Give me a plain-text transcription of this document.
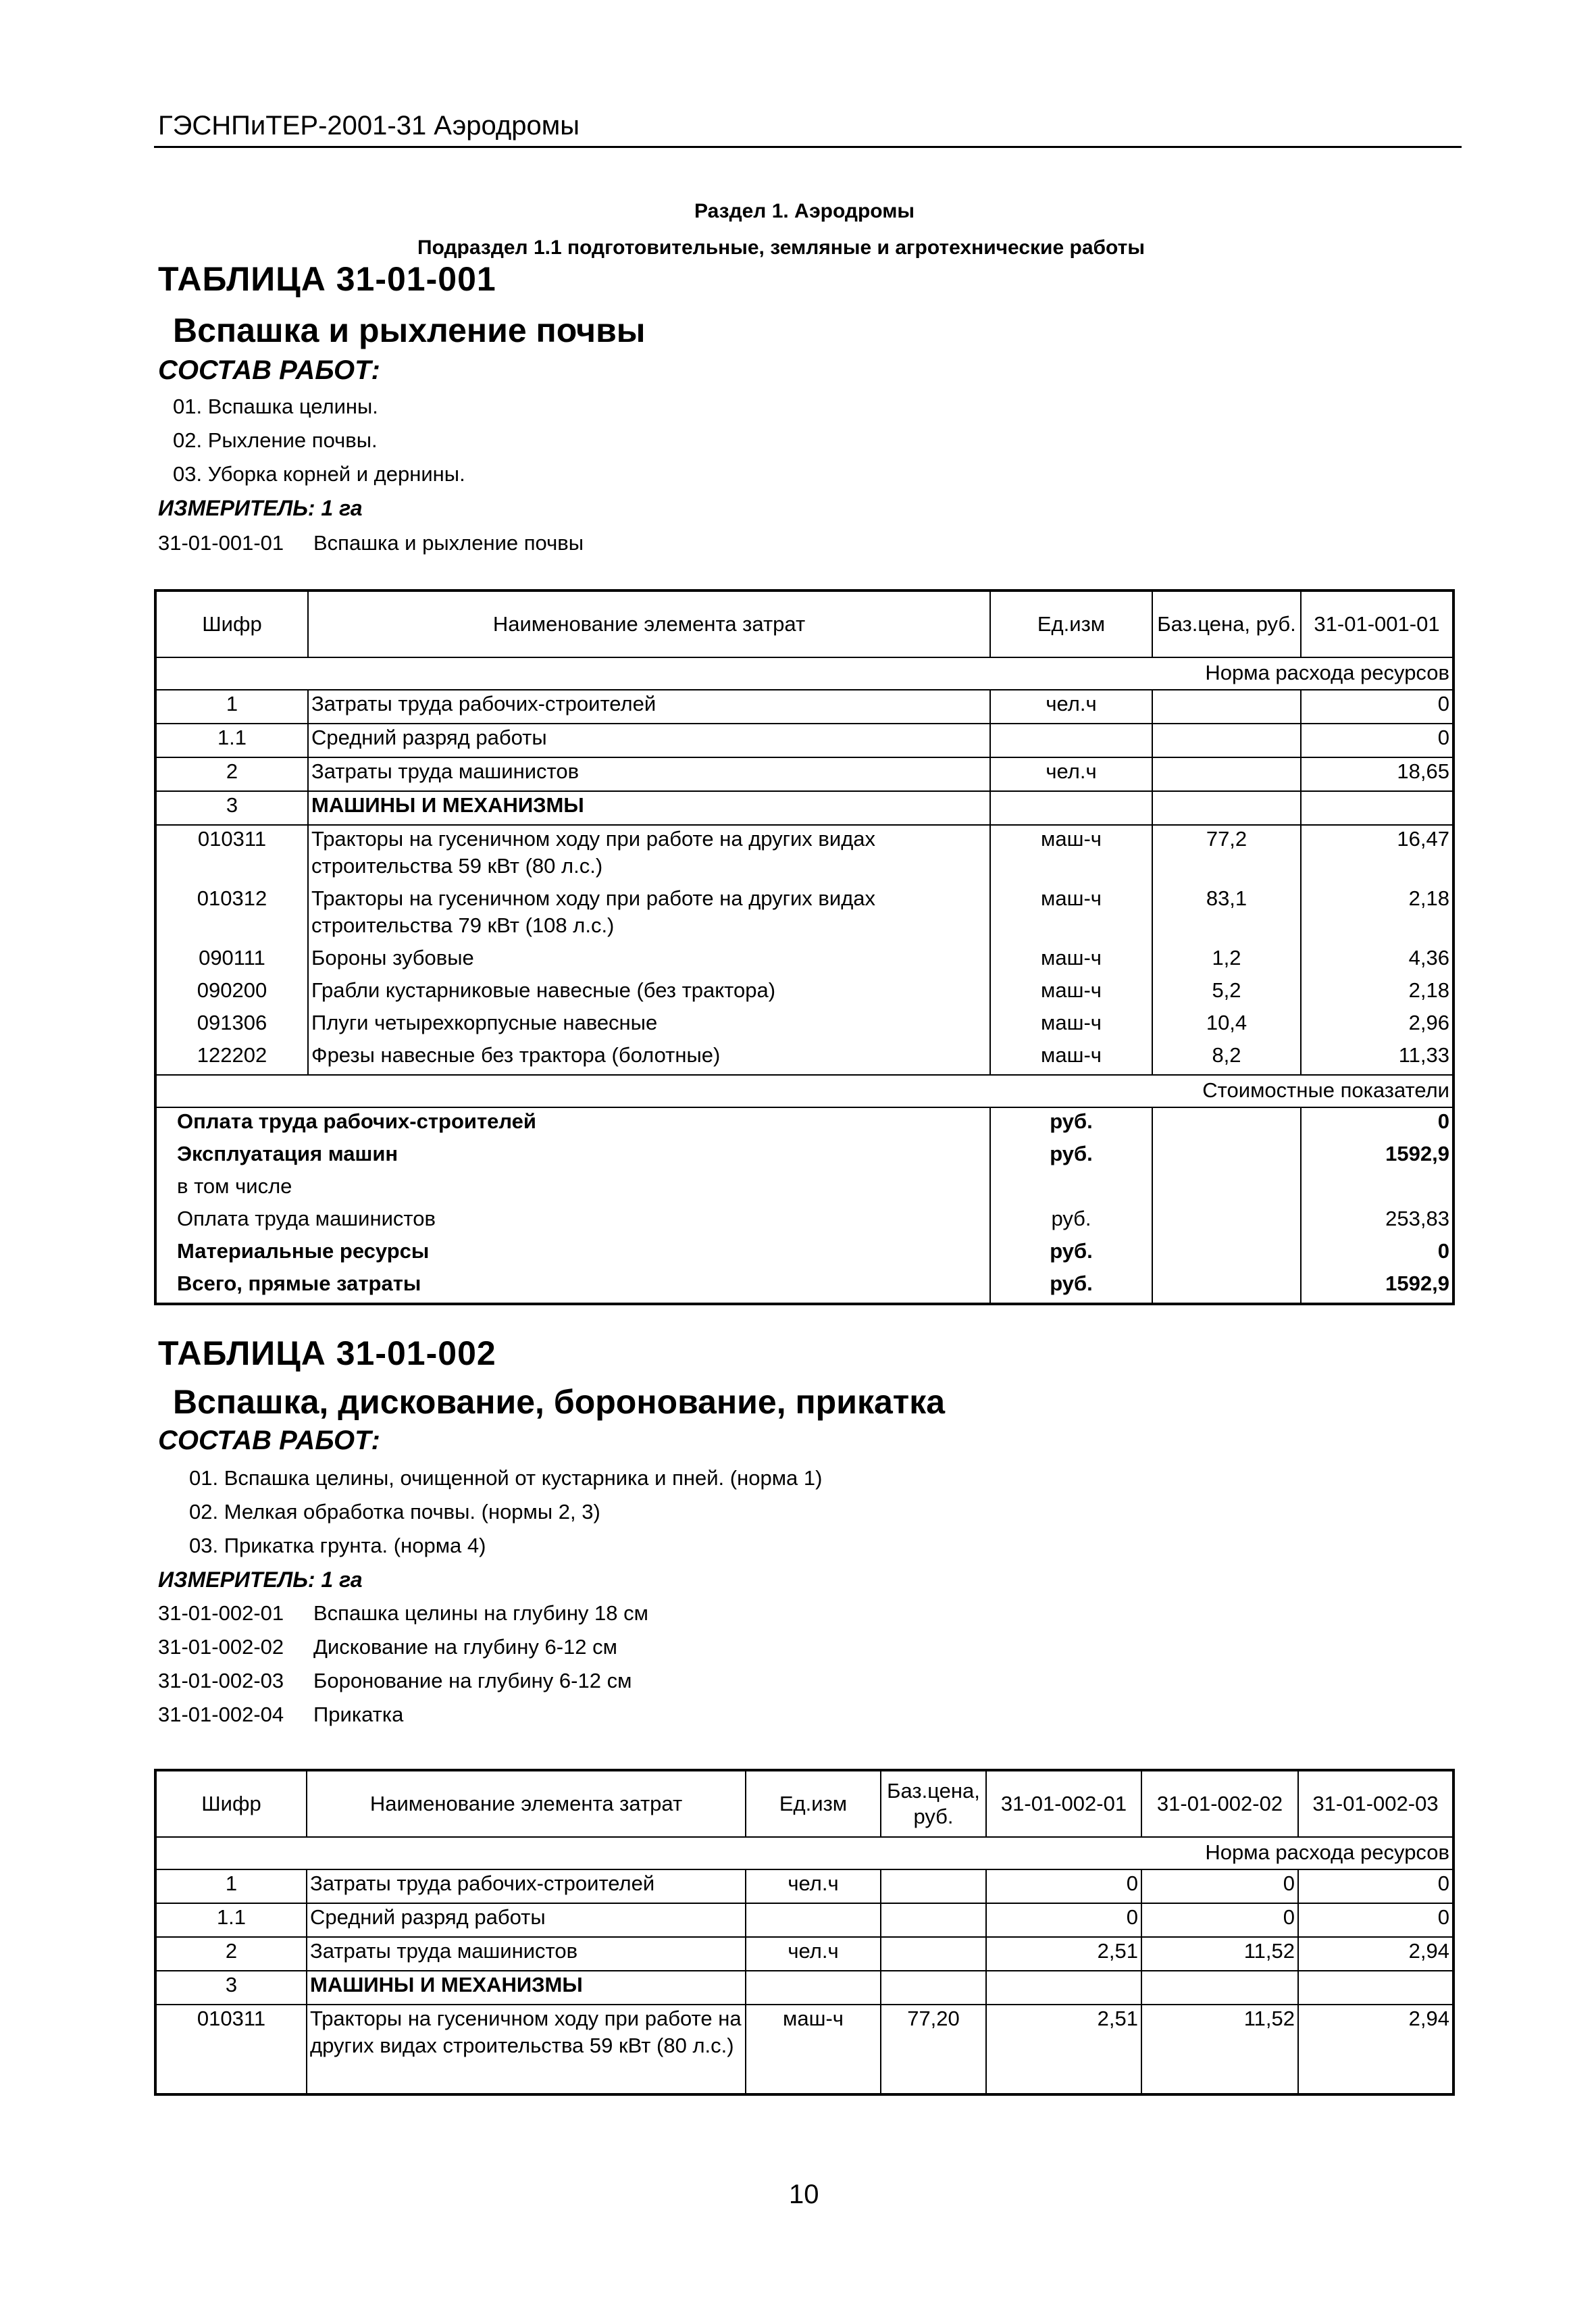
ГЭСНПиТЕР-2001-31 Аэродромы
Раздел 1. Аэродромы
Подраздел 1.1 подготовительные, земляные и агротехнические работы
ТАБЛИЦА 31-01-001
Вспашка и рыхление почвы
СОСТАВ РАБОТ:
01. Вспашка целины.
02. Рыхление почвы.
03. Уборка корней и дернины.
ИЗМЕРИТЕЛЬ: 1 га
31-01-001-01	Вспашка и рыхление почвы
Шифр	Наименование элемента затрат	Ед.изм	Баз.цена, руб.	31-01-001-01
Норма расхода ресурсов				
1	Затраты труда рабочих-строителей	чел.ч		0
1.1	Средний разряд работы			0
2	Затраты труда машинистов	чел.ч		18,65
3	МАШИНЫ И МЕХАНИЗМЫ			
010311	Тракторы на гусеничном ходу при работе на других видах строительства 59 кВт (80 л.с.)	маш-ч	77,2	16,47
010312	Тракторы на гусеничном ходу при работе на других видах строительства 79 кВт (108 л.с.)	маш-ч	83,1	2,18
090111	Бороны зубовые	маш-ч	1,2	4,36
090200	Грабли кустарниковые навесные (без трактора)	маш-ч	5,2	2,18
091306	Плуги четырехкорпусные навесные	маш-ч	10,4	2,96
122202	Фрезы навесные без трактора (болотные)	маш-ч	8,2	11,33
Стоимостные показатели				
Оплата труда рабочих-строителей		руб.		0
Эксплуатация машин		руб.		1592,9
в том числе				
Оплата труда машинистов		руб.		253,83
Материальные ресурсы		руб.		0
Всего, прямые затраты		руб.		1592,9
ТАБЛИЦА 31-01-002
Вспашка, дискование, боронование, прикатка
СОСТАВ РАБОТ:
01. Вспашка целины, очищенной от кустарника и пней. (норма 1)
02. Мелкая обработка почвы. (нормы 2, 3)
03. Прикатка грунта. (норма 4)
ИЗМЕРИТЕЛЬ: 1 га
31-01-002-01	Вспашка целины на глубину 18 см
31-01-002-02	Дискование на глубину 6-12 см
31-01-002-03	Боронование на глубину 6-12 см
31-01-002-04	Прикатка
Шифр	Наименование элемента затрат	Ед.изм	Баз.цена, руб.	31-01-002-01	31-01-002-02	31-01-002-03
Норма расхода ресурсов						
1	Затраты труда рабочих-строителей	чел.ч		0	0	0
1.1	Средний разряд работы			0	0	0
2	Затраты труда машинистов	чел.ч		2,51	11,52	2,94
3	МАШИНЫ И МЕХАНИЗМЫ					
010311	Тракторы на гусеничном ходу при работе на других видах строительства 59 кВт (80 л.с.)	маш-ч	77,20	2,51	11,52	2,94
10
